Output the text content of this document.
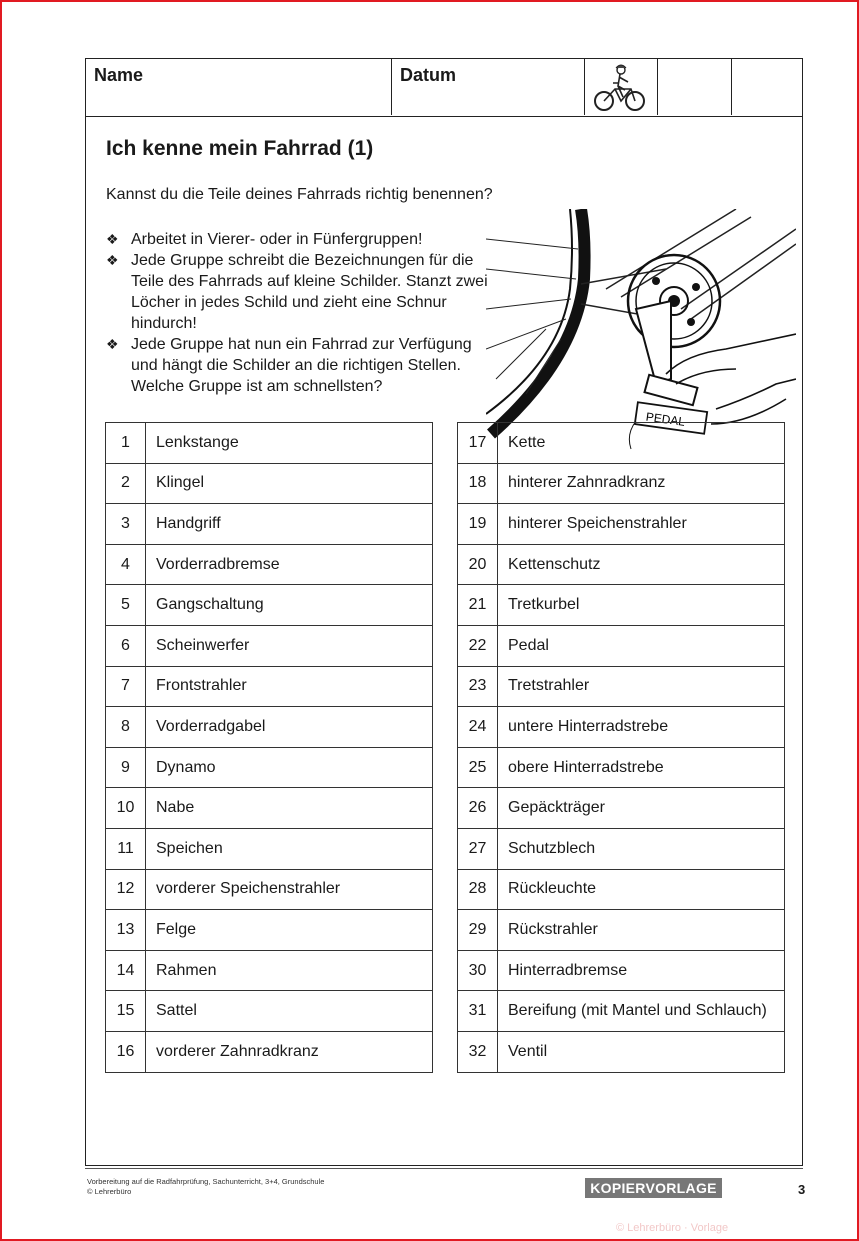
Name	Datum
Ich kenne mein Fahrrad (1)
Kannst du die Teile deines Fahrrads richtig benennen?
❖ Arbeitet in Vierer- oder in Fünfergruppen!
❖ Jede Gruppe schreibt die Bezeichnungen für die Teile des Fahrrads auf kleine Schilder. Stanzt zwei Löcher in jedes Schild und zieht eine Schnur hindurch!
❖ Jede Gruppe hat nun ein Fahrrad zur Verfügung und hängt die Schilder an die richtigen Stellen. Welche Gruppe ist am schnellsten?
PEDAL
1	Lenkstange
2	Klingel
3	Handgriff
4	Vorderradbremse
5	Gangschaltung
6	Scheinwerfer
7	Frontstrahler
8	Vorderradgabel
9	Dynamo
10	Nabe
11	Speichen
12	vorderer Speichenstrahler
13	Felge
14	Rahmen
15	Sattel
16	vorderer Zahnradkranz
17	Kette
18	hinterer Zahnradkranz
19	hinterer Speichenstrahler
20	Kettenschutz
21	Tretkurbel
22	Pedal
23	Tretstrahler
24	untere Hinterradstrebe
25	obere Hinterradstrebe
26	Gepäckträger
27	Schutzblech
28	Rückleuchte
29	Rückstrahler
30	Hinterradbremse
31	Bereifung (mit Mantel und Schlauch)
32	Ventil
Vorbereitung auf die Radfahrprüfung, Sachunterricht, 3+4, Grundschule
© Lehrerbüro	KOPIERVORLAGE	3
© Lehrerbüro · Vorlage
